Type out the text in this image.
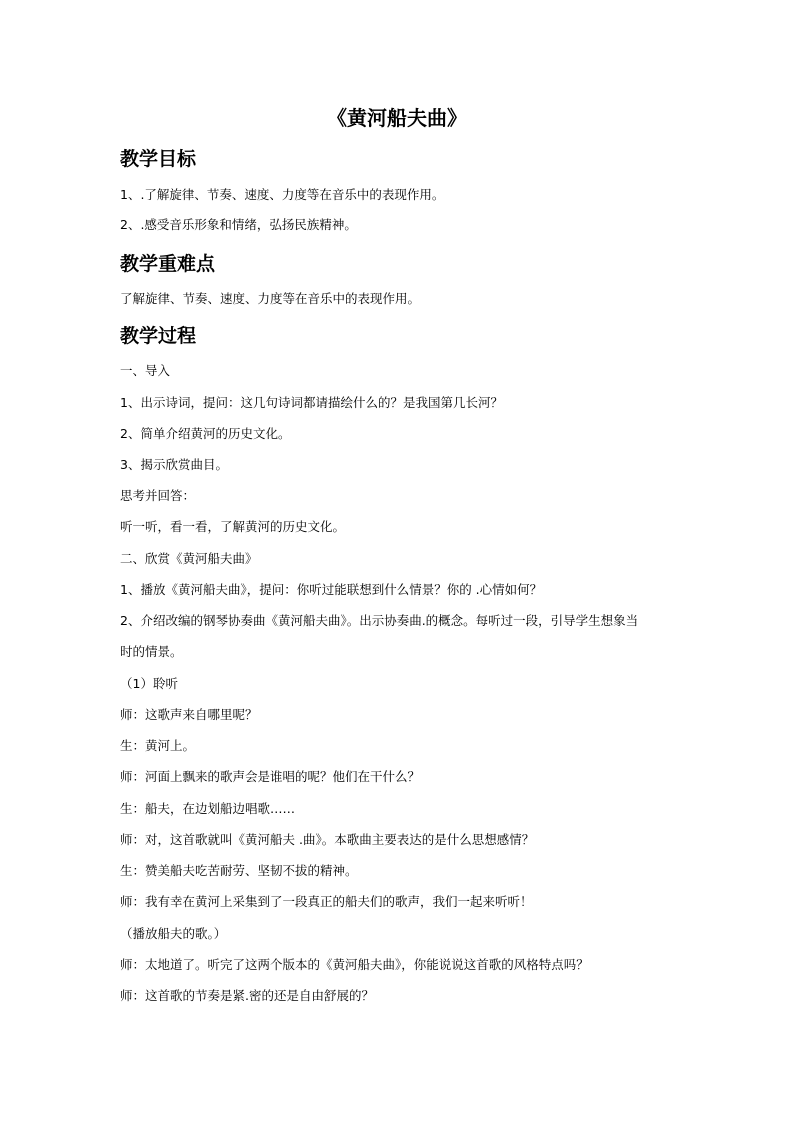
《黄河船夫曲》
教学目标
1、.了解旋律、节奏、速度、力度等在音乐中的表现作用。
2、.感受音乐形象和情绪，弘扬民族精神。
教学重难点
了解旋律、节奏、速度、力度等在音乐中的表现作用。
教学过程
一、导入
1、出示诗词，提问：这几句诗词都请描绘什么的？是我国第几长河？
2、简单介绍黄河的历史文化。
3、揭示欣赏曲目。
思考并回答：
听一听，看一看，了解黄河的历史文化。
二、欣赏《黄河船夫曲》
1、播放《黄河船夫曲》，提问：你听过能联想到什么情景？你的 .心情如何？
2、介绍改编的钢琴协奏曲《黄河船夫曲》。出示协奏曲.的概念。每听过一段，引导学生想象当
时的情景。
（1）聆听
师：这歌声来自哪里呢？
生：黄河上。
师：河面上飘来的歌声会是谁唱的呢？他们在干什么？
生：船夫，在边划船边唱歌……
师：对，这首歌就叫《黄河船夫 .曲》。本歌曲主要表达的是什么思想感情？
生：赞美船夫吃苦耐劳、坚韧不拔的精神。
师：我有幸在黄河上采集到了一段真正的船夫们的歌声，我们一起来听听！
（播放船夫的歌。）
师：太地道了。听完了这两个版本的《黄河船夫曲》，你能说说这首歌的风格特点吗？
师：这首歌的节奏是紧.密的还是自由舒展的？
